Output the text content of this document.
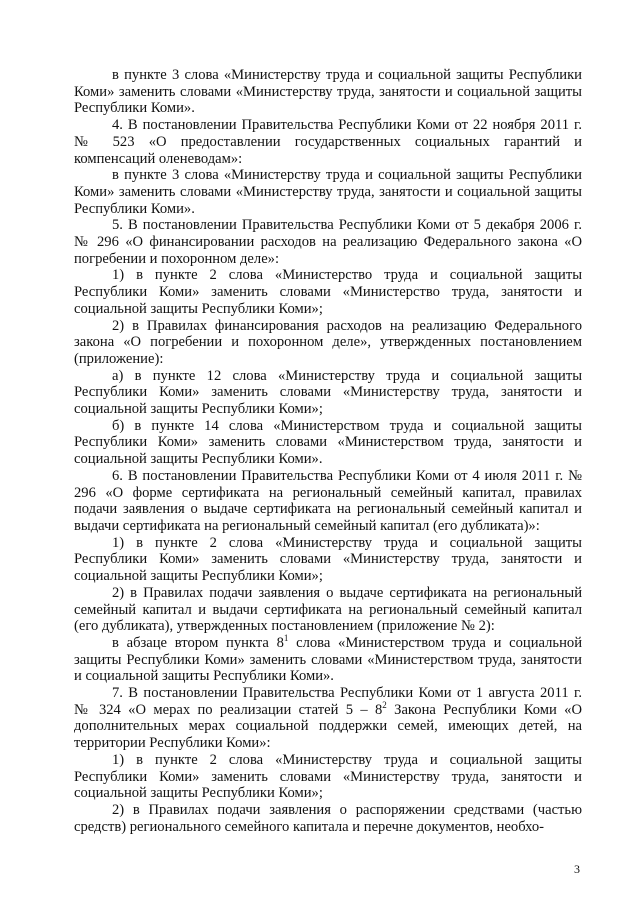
в пункте 3 слова «Министерству труда и социальной защиты Республики Коми» заменить словами «Министерству труда, занятости и социальной защиты Республики Коми».

4. В постановлении Правительства Республики Коми от 22 ноября 2011 г. № 523 «О предоставлении государственных социальных гарантий и компенсаций оленеводам»:

в пункте 3 слова «Министерству труда и социальной защиты Республики Коми» заменить словами «Министерству труда, занятости и социальной защиты Республики Коми».

5. В постановлении Правительства Республики Коми от 5 декабря 2006 г. № 296 «О финансировании расходов на реализацию Федерального закона «О погребении и похоронном деле»:

1) в пункте 2 слова «Министерство труда и социальной защиты Республики Коми» заменить словами «Министерство труда, занятости и социальной защиты Республики Коми»;

2) в Правилах финансирования расходов на реализацию Федерального закона «О погребении и похоронном деле», утвержденных постановлением (приложение):

а) в пункте 12 слова «Министерству труда и социальной защиты Республики Коми» заменить словами «Министерству труда, занятости и социальной защиты Республики Коми»;

б) в пункте 14 слова «Министерством труда и социальной защиты Республики Коми» заменить словами «Министерством труда, занятости и социальной защиты Республики Коми».

6. В постановлении Правительства Республики Коми от 4 июля 2011 г. № 296 «О форме сертификата на региональный семейный капитал, правилах подачи заявления о выдаче сертификата на региональный семейный капитал и выдачи сертификата на региональный семейный капитал (его дубликата)»:

1) в пункте 2 слова «Министерству труда и социальной защиты Республики Коми» заменить словами «Министерству труда, занятости и социальной защиты Республики Коми»;

2) в Правилах подачи заявления о выдаче сертификата на региональный семейный капитал и выдачи сертификата на региональный семейный капитал (его дубликата), утвержденных постановлением (приложение № 2):

в абзаце втором пункта $8^1$ слова «Министерством труда и социальной защиты Республики Коми» заменить словами «Министерством труда, занятости и социальной защиты Республики Коми».

7. В постановлении Правительства Республики Коми от 1 августа 2011 г. № 324 «О мерах по реализации статей $5 - 8^2$ Закона Республики Коми «О дополнительных мерах социальной поддержки семей, имеющих детей, на территории Республики Коми»:

1) в пункте 2 слова «Министерству труда и социальной защиты Республики Коми» заменить словами «Министерству труда, занятости и социальной защиты Республики Коми»;

2) в Правилах подачи заявления о распоряжении средствами (частью средств) регионального семейного капитала и перечне документов, необхо-

3
